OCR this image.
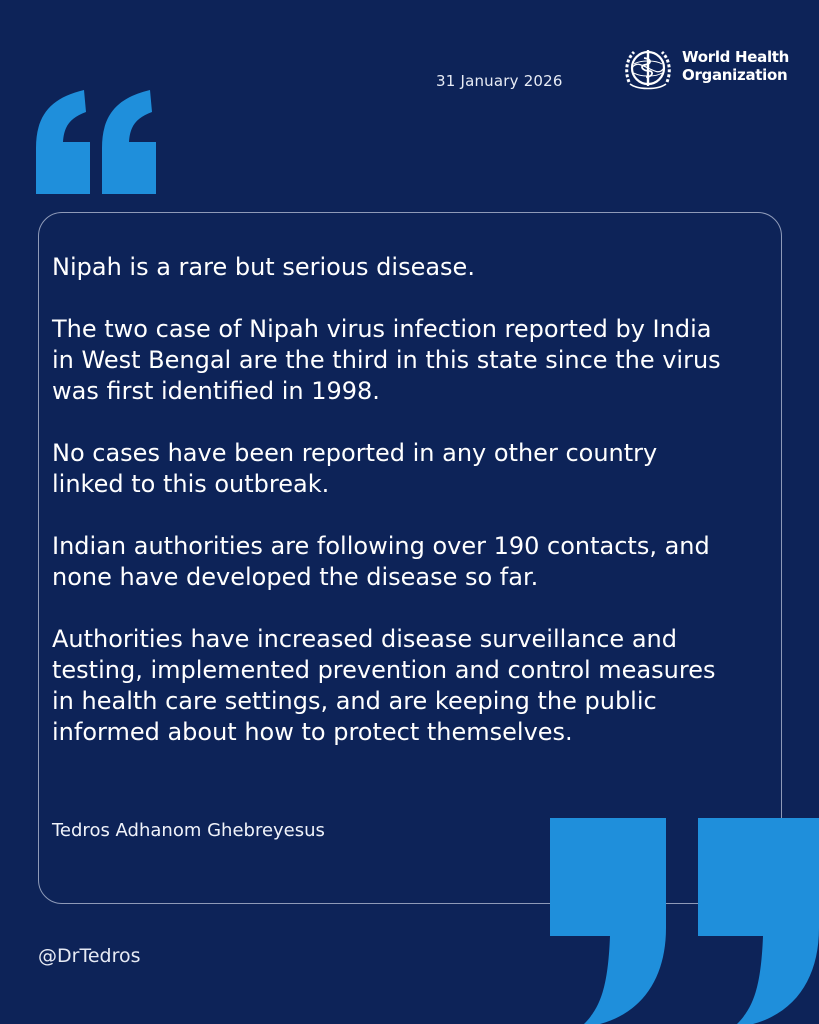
31 January 2026
World Health
Organization

Nipah is a rare but serious disease.

The two case of Nipah virus infection reported by India
in West Bengal are the third in this state since the virus
was first identified in 1998.

No cases have been reported in any other country
linked to this outbreak.

Indian authorities are following over 190 contacts, and
none have developed the disease so far.

Authorities have increased disease surveillance and
testing, implemented prevention and control measures
in health care settings, and are keeping the public
informed about how to protect themselves.

Tedros Adhanom Ghebreyesus
@DrTedros
